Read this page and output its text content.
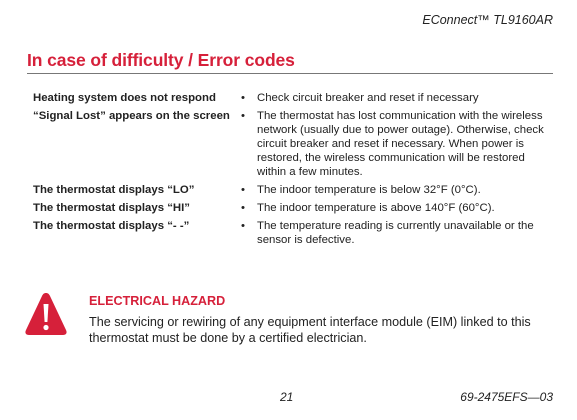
EConnect™ TL9160AR
In case of difficulty / Error codes
Heating system does not respond	•	Check circuit breaker and reset if necessary
“Signal Lost” appears on the screen •	The thermostat has lost communication with the wireless network (usually due to power outage). Otherwise, check circuit breaker and reset if necessary. When power is restored, the wireless communication will be restored within a few minutes.
The thermostat displays “LO”	•	The indoor temperature is below 32°F (0°C).
The thermostat displays “HI”	•	The indoor temperature is above 140°F (60°C).
The thermostat displays “- -”	•	The temperature reading is currently unavailable or the sensor is defective.
ELECTRICAL HAZARD
The servicing or rewiring of any equipment interface module (EIM) linked to this thermostat must be done by a certified electrician.
21	69-2475EFS—03
